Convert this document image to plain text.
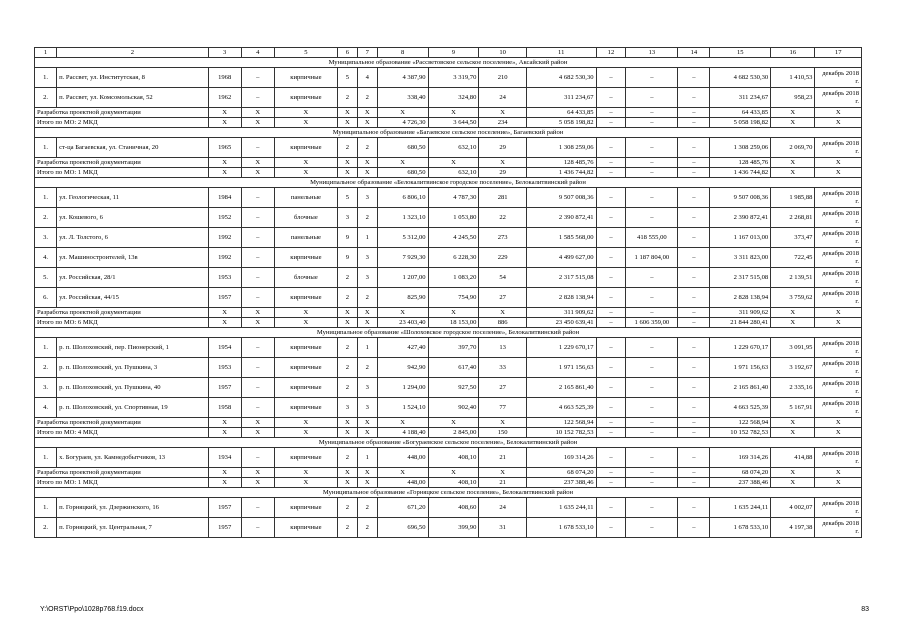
1	2	3	4	5	6	7	8	9	10	11	12	13	14	15	16	17
Муниципальное образование «Рассветовское сельское поселение», Аксайский район																
1.	п. Рассвет, ул. Институтская, 8	1968	–	кирпичные	5	4	4 387,90	3 319,70	210	4 682 530,30	–	–	–	4 682 530,30	1 410,53	декабрь 2018 г.
2.	п. Рассвет, ул. Комсомольская, 52	1962	–	кирпичные	2	2	338,40	324,80	24	311 234,67	–	–	–	311 234,67	958,23	декабрь 2018 г.
Разработка проектной документации		Х	Х	Х	Х	Х	Х	Х	Х	64 433,85	–	–	–	64 433,85	Х	Х
Итого по МО: 2 МКД		Х	Х	Х	Х	Х	4 726,30	3 644,50	234	5 058 198,82	–	–	–	5 058 198,82	Х	Х
Муниципальное образование «Багаевское сельское поселение», Багаевский район																
1.	ст-ца Багаевская, ул. Станичная, 20	1965	–	кирпичные	2	2	680,50	632,10	29	1 308 259,06	–	–	–	1 308 259,06	2 069,70	декабрь 2018 г.
Разработка проектной документации		Х	Х	Х	Х	Х	Х	Х	Х	128 485,76	–	–	–	128 485,76	Х	Х
Итого по МО: 1 МКД		Х	Х	Х	Х	Х	680,50	632,10	29	1 436 744,82	–	–	–	1 436 744,82	Х	Х
Муниципальное образование «Белокалитвинское городское поселение», Белокалитвинский район																
1.	ул. Геологическая, 11	1984	–	панельные	5	3	6 806,10	4 787,30	281	9 507 008,36	–	–	–	9 507 008,36	1 985,88	декабрь 2018 г.
2.	ул. Кошевого, 6	1952	–	блочные	3	2	1 323,10	1 053,80	22	2 390 872,41	–	–	–	2 390 872,41	2 268,81	декабрь 2018 г.
3.	ул. Л. Толстого, 6	1992	–	панельные	9	1	5 312,00	4 245,50	273	1 585 568,00	–	418 555,00	–	1 167 013,00	373,47	декабрь 2018 г.
4.	ул. Машиностроителей, 13в	1992	–	кирпичные	9	3	7 929,30	6 228,30	229	4 499 627,00	–	1 187 804,00	–	3 311 823,00	722,45	декабрь 2018 г.
5.	ул. Российская, 28/1	1953	–	блочные	2	3	1 207,00	1 083,20	54	2 317 515,08	–	–	–	2 317 515,08	2 139,51	декабрь 2018 г.
6.	ул. Российская, 44/15	1957	–	кирпичные	2	2	825,90	754,90	27	2 828 138,94	–	–	–	2 828 138,94	3 759,62	декабрь 2018 г.
Разработка проектной документации		Х	Х	Х	Х	Х	Х	Х	Х	311 909,62	–	–	–	311 909,62	Х	Х
Итого по МО: 6 МКД		Х	Х	Х	Х	Х	23 403,40	18 153,00	886	23 450 639,41	–	1 606 359,00	–	21 844 280,41	Х	Х
Муниципальное образование «Шолоховское городское поселение», Белокалитвинский район																
1.	р. п. Шолоховский, пер. Пионерский, 1	1954	–	кирпичные	2	1	427,40	397,70	13	1 229 670,17	–	–	–	1 229 670,17	3 091,95	декабрь 2018 г.
2.	р. п. Шолоховский, ул. Пушкина, 3	1953	–	кирпичные	2	2	942,90	617,40	33	1 971 156,63	–	–	–	1 971 156,63	3 192,67	декабрь 2018 г.
3.	р. п. Шолоховский, ул. Пушкина, 40	1957	–	кирпичные	2	3	1 294,00	927,50	27	2 165 861,40	–	–	–	2 165 861,40	2 335,16	декабрь 2018 г.
4.	р. п. Шолоховский, ул. Спортивная, 19	1958	–	кирпичные	3	3	1 524,10	902,40	77	4 663 525,39	–	–	–	4 663 525,39	5 167,91	декабрь 2018 г.
Разработка проектной документации		Х	Х	Х	Х	Х	Х	Х	Х	122 568,94	–	–	–	122 568,94	Х	Х
Итого по МО: 4 МКД		Х	Х	Х	Х	Х	4 188,40	2 845,00	150	10 152 782,53	–	–	–	10 152 782,53	Х	Х
Муниципальное образование «Богураевское сельское поселение», Белокалитвинский район																
1.	х. Богураев, ул. Камнедобытчиков, 13	1934	–	кирпичные	2	1	448,00	408,10	21	169 314,26	–	–	–	169 314,26	414,88	декабрь 2018 г.
Разработка проектной документации		Х	Х	Х	Х	Х	Х	Х	Х	68 074,20	–	–	–	68 074,20	Х	Х
Итого по МО: 1 МКД		Х	Х	Х	Х	Х	448,00	408,10	21	237 388,46	–	–	–	237 388,46	Х	Х
Муниципальное образование «Горняцкое сельское поселение», Белокалитвинский район																
1.	п. Горняцкий, ул. Дзержинского, 16	1957	–	кирпичные	2	2	671,20	408,60	24	1 635 244,11	–	–	–	1 635 244,11	4 002,07	декабрь 2018 г.
2.	п. Горняцкий, ул. Центральная, 7	1957	–	кирпичные	2	2	696,50	399,90	31	1 678 533,10	–	–	–	1 678 533,10	4 197,38	декабрь 2018 г.
Y:\ORST\Ppo\1028p768.f19.docx	83
